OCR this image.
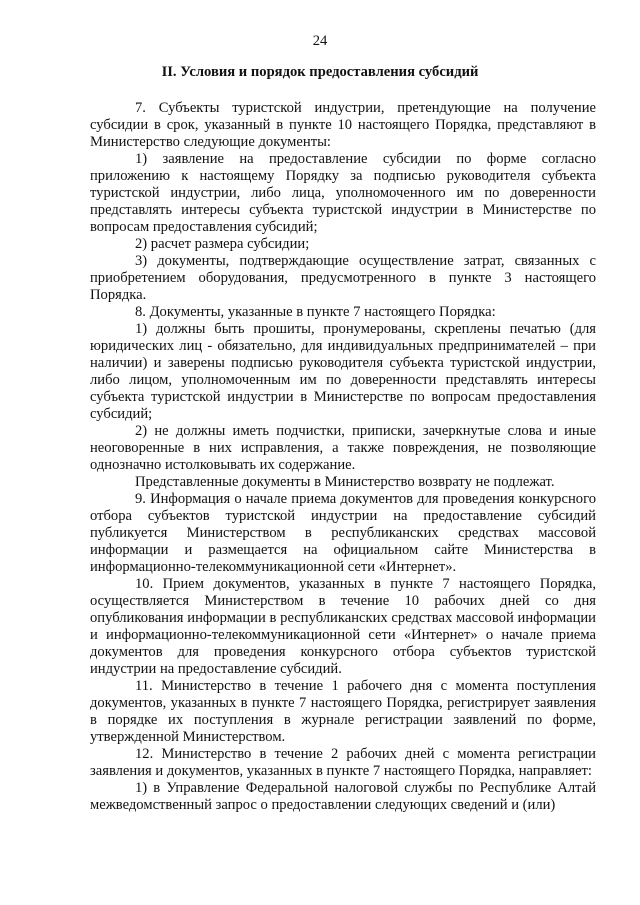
24
II. Условия и порядок предоставления субсидий

7. Субъекты туристской индустрии, претендующие на получение субсидии в срок, указанный в пункте 10 настоящего Порядка, представляют в Министерство следующие документы:

1) заявление на предоставление субсидии по форме согласно приложению к настоящему Порядку за подписью руководителя субъекта туристской индустрии, либо лица, уполномоченного им по доверенности представлять интересы субъекта туристской индустрии в Министерстве по вопросам предоставления субсидий;

2) расчет размера субсидии;

3) документы, подтверждающие осуществление затрат, связанных с приобретением оборудования, предусмотренного в пункте 3 настоящего Порядка.

8. Документы, указанные в пункте 7 настоящего Порядка:

1) должны быть прошиты, пронумерованы, скреплены печатью (для юридических лиц - обязательно, для индивидуальных предпринимателей – при наличии) и заверены подписью руководителя субъекта туристской индустрии, либо лицом, уполномоченным им по доверенности представлять интересы субъекта туристской индустрии в Министерстве по вопросам предоставления субсидий;

2) не должны иметь подчистки, приписки, зачеркнутые слова и иные неоговоренные в них исправления, а также повреждения, не позволяющие однозначно истолковывать их содержание.

Представленные документы в Министерство возврату не подлежат.

9. Информация о начале приема документов для проведения конкурсного отбора субъектов туристской индустрии на предоставление субсидий публикуется Министерством в республиканских средствах массовой информации и размещается на официальном сайте Министерства в информационно-телекоммуникационной сети «Интернет».

10. Прием документов, указанных в пункте 7 настоящего Порядка, осуществляется Министерством в течение 10 рабочих дней со дня опубликования информации в республиканских средствах массовой информации и информационно-телекоммуникационной сети «Интернет» о начале приема документов для проведения конкурсного отбора субъектов туристской индустрии на предоставление субсидий.

11. Министерство в течение 1 рабочего дня с момента поступления документов, указанных в пункте 7 настоящего Порядка, регистрирует заявления в порядке их поступления в журнале регистрации заявлений по форме, утвержденной Министерством.

12. Министерство в течение 2 рабочих дней с момента регистрации заявления и документов, указанных в пункте 7 настоящего Порядка, направляет:

1) в Управление Федеральной налоговой службы по Республике Алтай межведомственный запрос о предоставлении следующих сведений и (или)
